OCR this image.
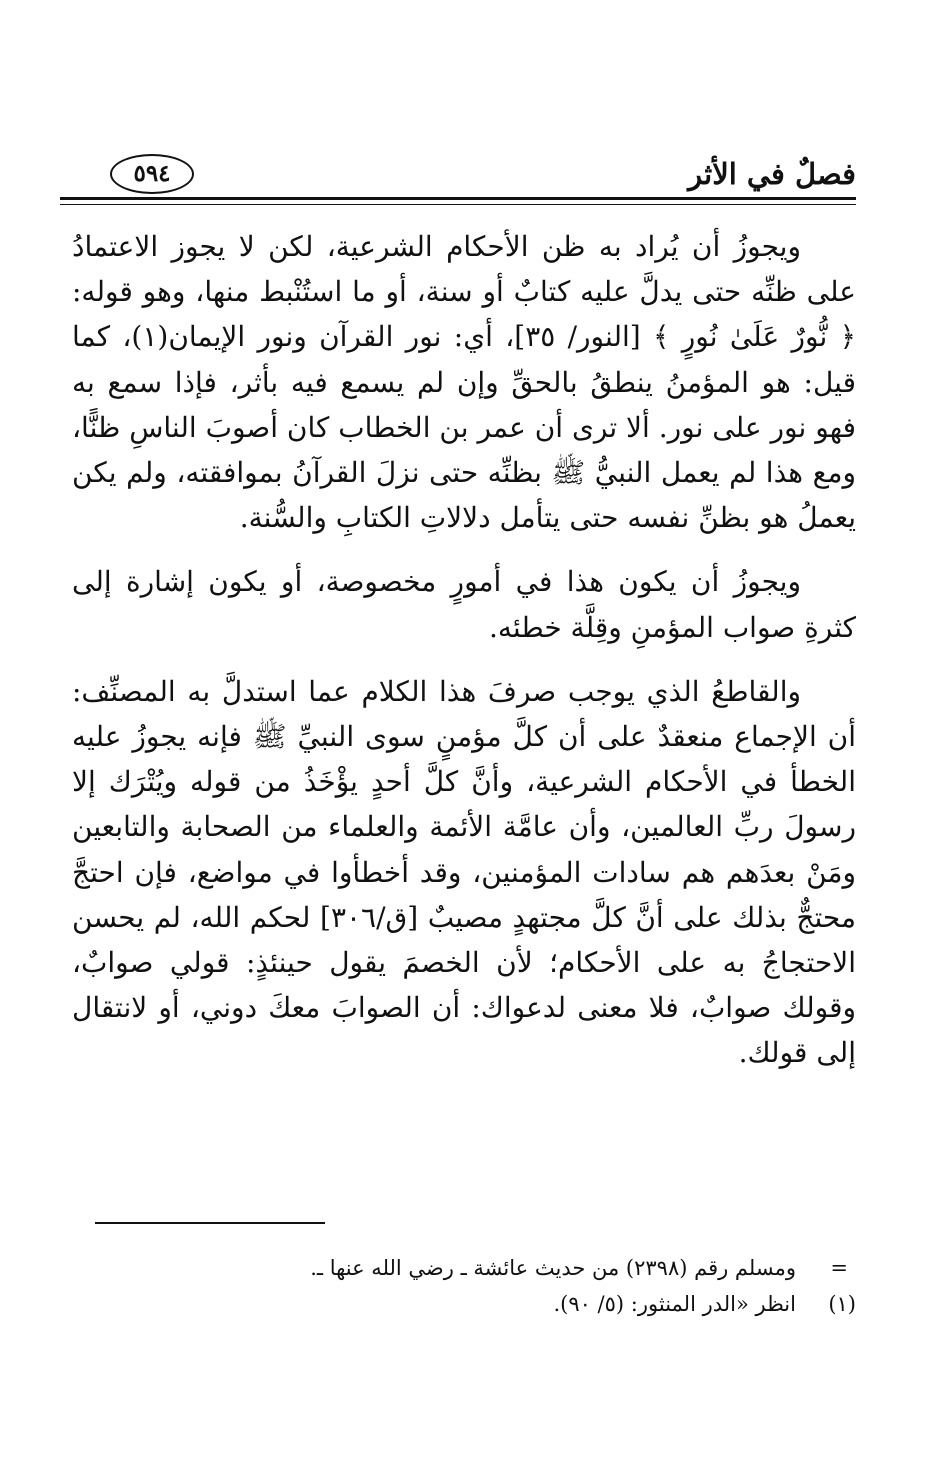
فصلٌ في الأثر
٥٩٤

ويجوزُ أن يُراد به ظن الأحكام الشرعية، لكن لا يجوز الاعتمادُ على ظنِّه حتى يدلَّ عليه كتابٌ أو سنة، أو ما استُنْبط منها، وهو قوله: ﴿ نُّورٌ عَلَىٰ نُورٍ ﴾ [النور/ ٣٥]، أي: نور القرآن ونور الإيمان(١)، كما قيل: هو المؤمنُ ينطقُ بالحقِّ وإن لم يسمع فيه بأثر، فإذا سمع به فهو نور على نور. ألا ترى أن عمر بن الخطاب كان أصوبَ الناسِ ظنًّا، ومع هذا لم يعمل النبيُّ ﷺ بظنِّه حتى نزلَ القرآنُ بموافقته، ولم يكن يعملُ هو بظنِّ نفسه حتى يتأمل دلالاتِ الكتابِ والسُّنة.

ويجوزُ أن يكون هذا في أمورٍ مخصوصة، أو يكون إشارة إلى كثرةِ صواب المؤمنِ وقِلَّة خطئه.

والقاطعُ الذي يوجب صرفَ هذا الكلام عما استدلَّ به المصنِّف: أن الإجماع منعقدٌ على أن كلَّ مؤمنٍ سوى النبيِّ ﷺ فإنه يجوزُ عليه الخطأ في الأحكام الشرعية، وأنَّ كلَّ أحدٍ يؤْخَذُ من قوله ويُتْرَك إلا رسولَ ربِّ العالمين، وأن عامَّة الأئمة والعلماء من الصحابة والتابعين ومَنْ بعدَهم هم سادات المؤمنين، وقد أخطأوا في مواضع، فإن احتجَّ محتجٌّ بذلك على أنَّ كلَّ مجتهدٍ مصيبٌ [ق/٣٠٦] لحكم الله، لم يحسن الاحتجاجُ به على الأحكام؛ لأن الخصمَ يقول حينئذٍ: قولي صوابٌ، وقولك صوابٌ، فلا معنى لدعواك: أن الصوابَ معكَ دوني، أو لانتقال إلى قولك.

=
ومسلم رقم (٢٣٩٨) من حديث عائشة ـ رضي الله عنها ـ.
(١)
انظر «الدر المنثور: (٥/ ٩٠).
